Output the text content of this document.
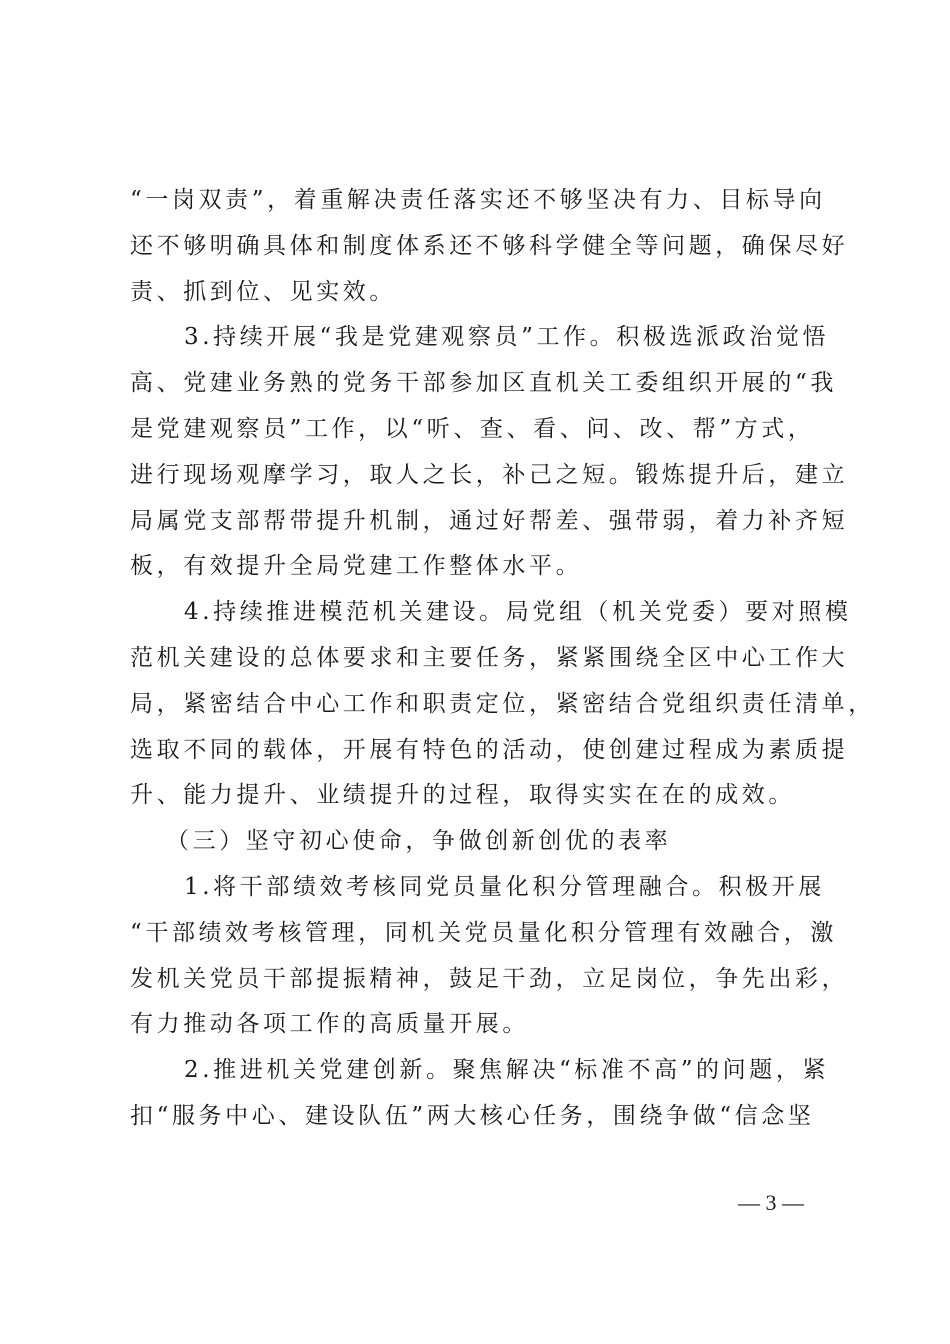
“一岗双责”，着重解决责任落实还不够坚决有力、目标导向
还不够明确具体和制度体系还不够科学健全等问题，确保尽好
责、抓到位、见实效。

3.持续开展“我是党建观察员”工作。积极选派政治觉悟
高、党建业务熟的党务干部参加区直机关工委组织开展的“我
是党建观察员”工作，以“听、查、看、问、改、帮”方式，
进行现场观摩学习，取人之长，补己之短。锻炼提升后，建立
局属党支部帮带提升机制，通过好帮差、强带弱，着力补齐短
板，有效提升全局党建工作整体水平。

4.持续推进模范机关建设。局党组（机关党委）要对照模
范机关建设的总体要求和主要任务，紧紧围绕全区中心工作大
局，紧密结合中心工作和职责定位，紧密结合党组织责任清单，
选取不同的载体，开展有特色的活动，使创建过程成为素质提
升、能力提升、业绩提升的过程，取得实实在在的成效。

（三）坚守初心使命，争做创新创优的表率

1.将干部绩效考核同党员量化积分管理融合。积极开展
“干部绩效考核管理，同机关党员量化积分管理有效融合，激
发机关党员干部提振精神，鼓足干劲，立足岗位，争先出彩，
有力推动各项工作的高质量开展。

2.推进机关党建创新。聚焦解决“标准不高”的问题，紧
扣“服务中心、建设队伍”两大核心任务，围绕争做“信念坚

— 3 —
